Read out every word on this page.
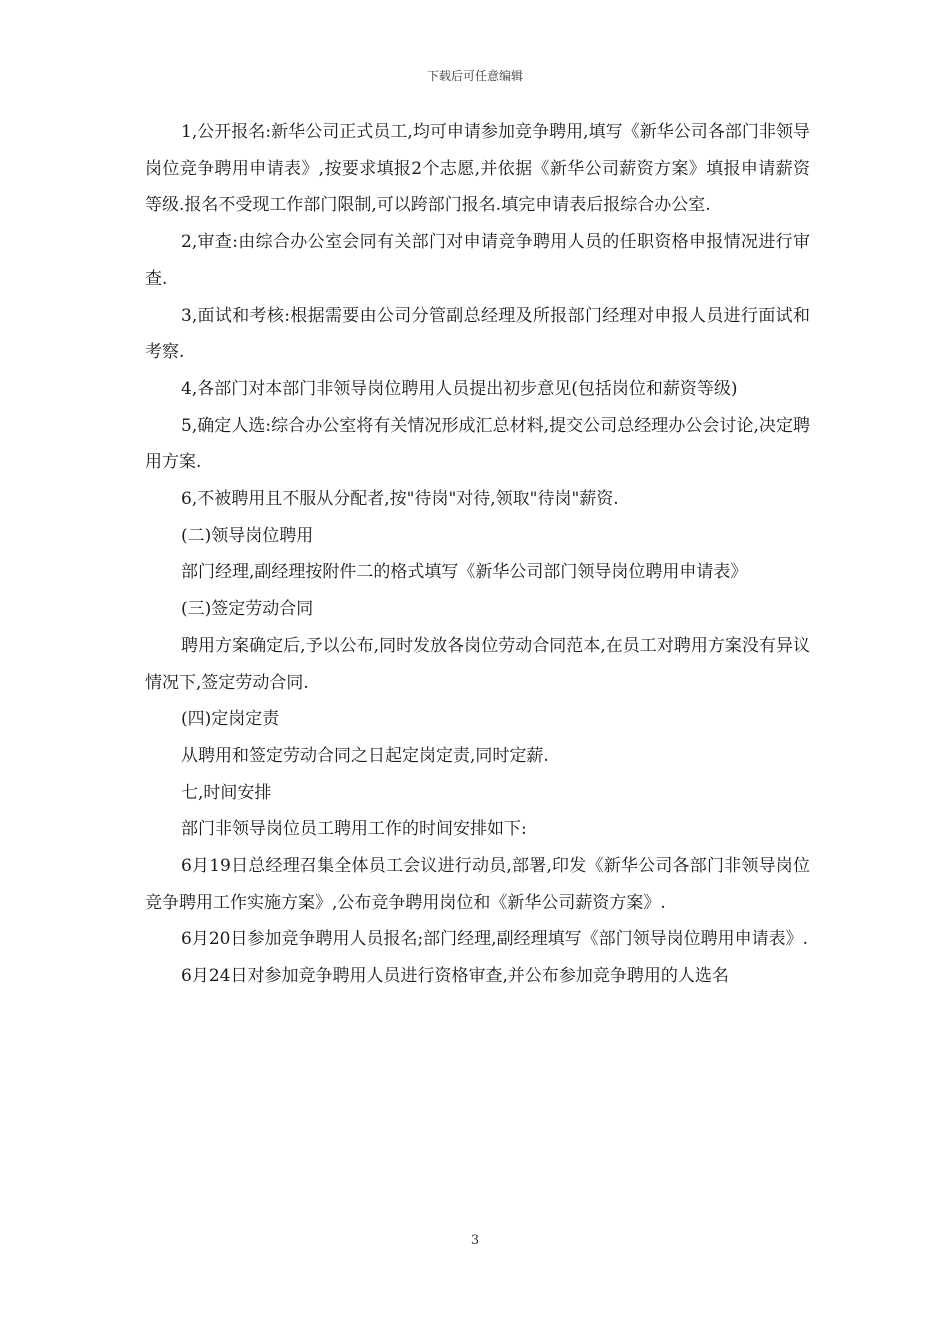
下载后可任意编辑

1,公开报名:新华公司正式员工,均可申请参加竞争聘用,填写《新华公司各部门非领导岗位竞争聘用申请表》,按要求填报2个志愿,并依据《新华公司薪资方案》填报申请薪资等级.报名不受现工作部门限制,可以跨部门报名.填完申请表后报综合办公室.

2,审查:由综合办公室会同有关部门对申请竞争聘用人员的任职资格申报情况进行审查.

3,面试和考核:根据需要由公司分管副总经理及所报部门经理对申报人员进行面试和考察.

4,各部门对本部门非领导岗位聘用人员提出初步意见(包括岗位和薪资等级)

5,确定人选:综合办公室将有关情况形成汇总材料,提交公司总经理办公会讨论,决定聘用方案.

6,不被聘用且不服从分配者,按"待岗"对待,领取"待岗"薪资.

(二)领导岗位聘用

部门经理,副经理按附件二的格式填写《新华公司部门领导岗位聘用申请表》

(三)签定劳动合同

聘用方案确定后,予以公布,同时发放各岗位劳动合同范本,在员工对聘用方案没有异议情况下,签定劳动合同.

(四)定岗定责

从聘用和签定劳动合同之日起定岗定责,同时定薪.

七,时间安排

部门非领导岗位员工聘用工作的时间安排如下:

6月19日总经理召集全体员工会议进行动员,部署,印发《新华公司各部门非领导岗位竞争聘用工作实施方案》,公布竞争聘用岗位和《新华公司薪资方案》.

6月20日参加竞争聘用人员报名;部门经理,副经理填写《部门领导岗位聘用申请表》.

6月24日对参加竞争聘用人员进行资格审查,并公布参加竞争聘用的人选名

3
